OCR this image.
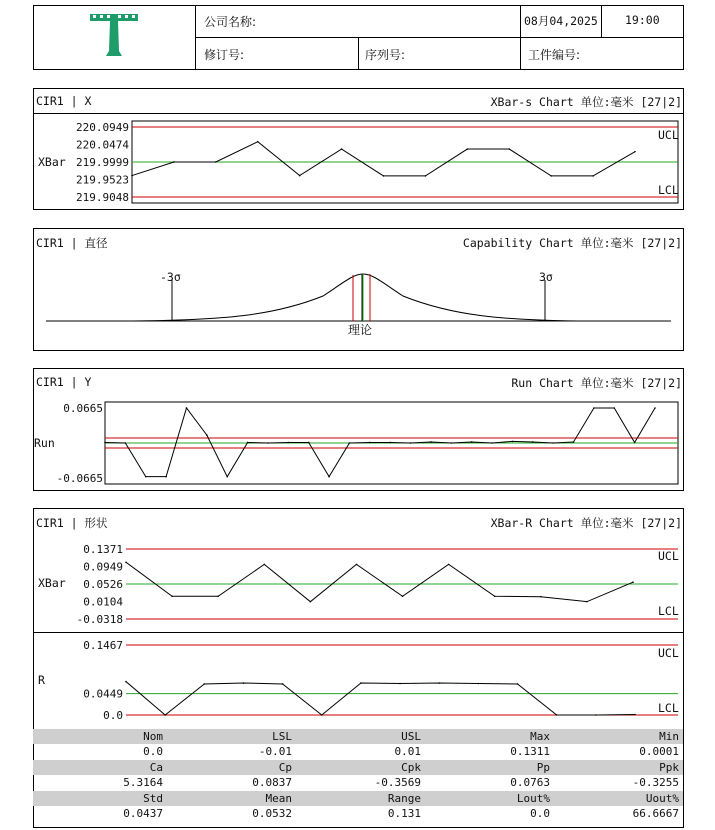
公司名称:	08月04,2025 19:00
修订号:	序列号:	工件编号:
CIR1 | X	XBar-s Chart 单位:毫米 [27|2]
XBar
UCL
LCL
220.0949
220.0474
219.9999
219.9523
219.9048
CIR1 | 直径	Capability Chart 单位:毫米 [27|2]
-3σ	3σ
理论
CIR1 | Y	Run Chart 单位:毫米 [27|2]
Run
0.0665
-0.0665
CIR1 | 形状	XBar-R Chart 单位:毫米 [27|2]
XBar
UCL
LCL
0.1371
0.0949
0.0526
0.0104
-0.0318
R
UCL
LCL
0.1467
0.0449
0.0
Nom	LSL	USL	Max	Min
0.0	-0.01	0.01	0.1311	0.0001
Ca	Cp	Cpk	Pp	Ppk
5.3164	0.0837	-0.3569	0.0763	-0.3255
Std	Mean	Range	Lout%	Uout%
0.0437	0.0532	0.131	0.0	66.6667
